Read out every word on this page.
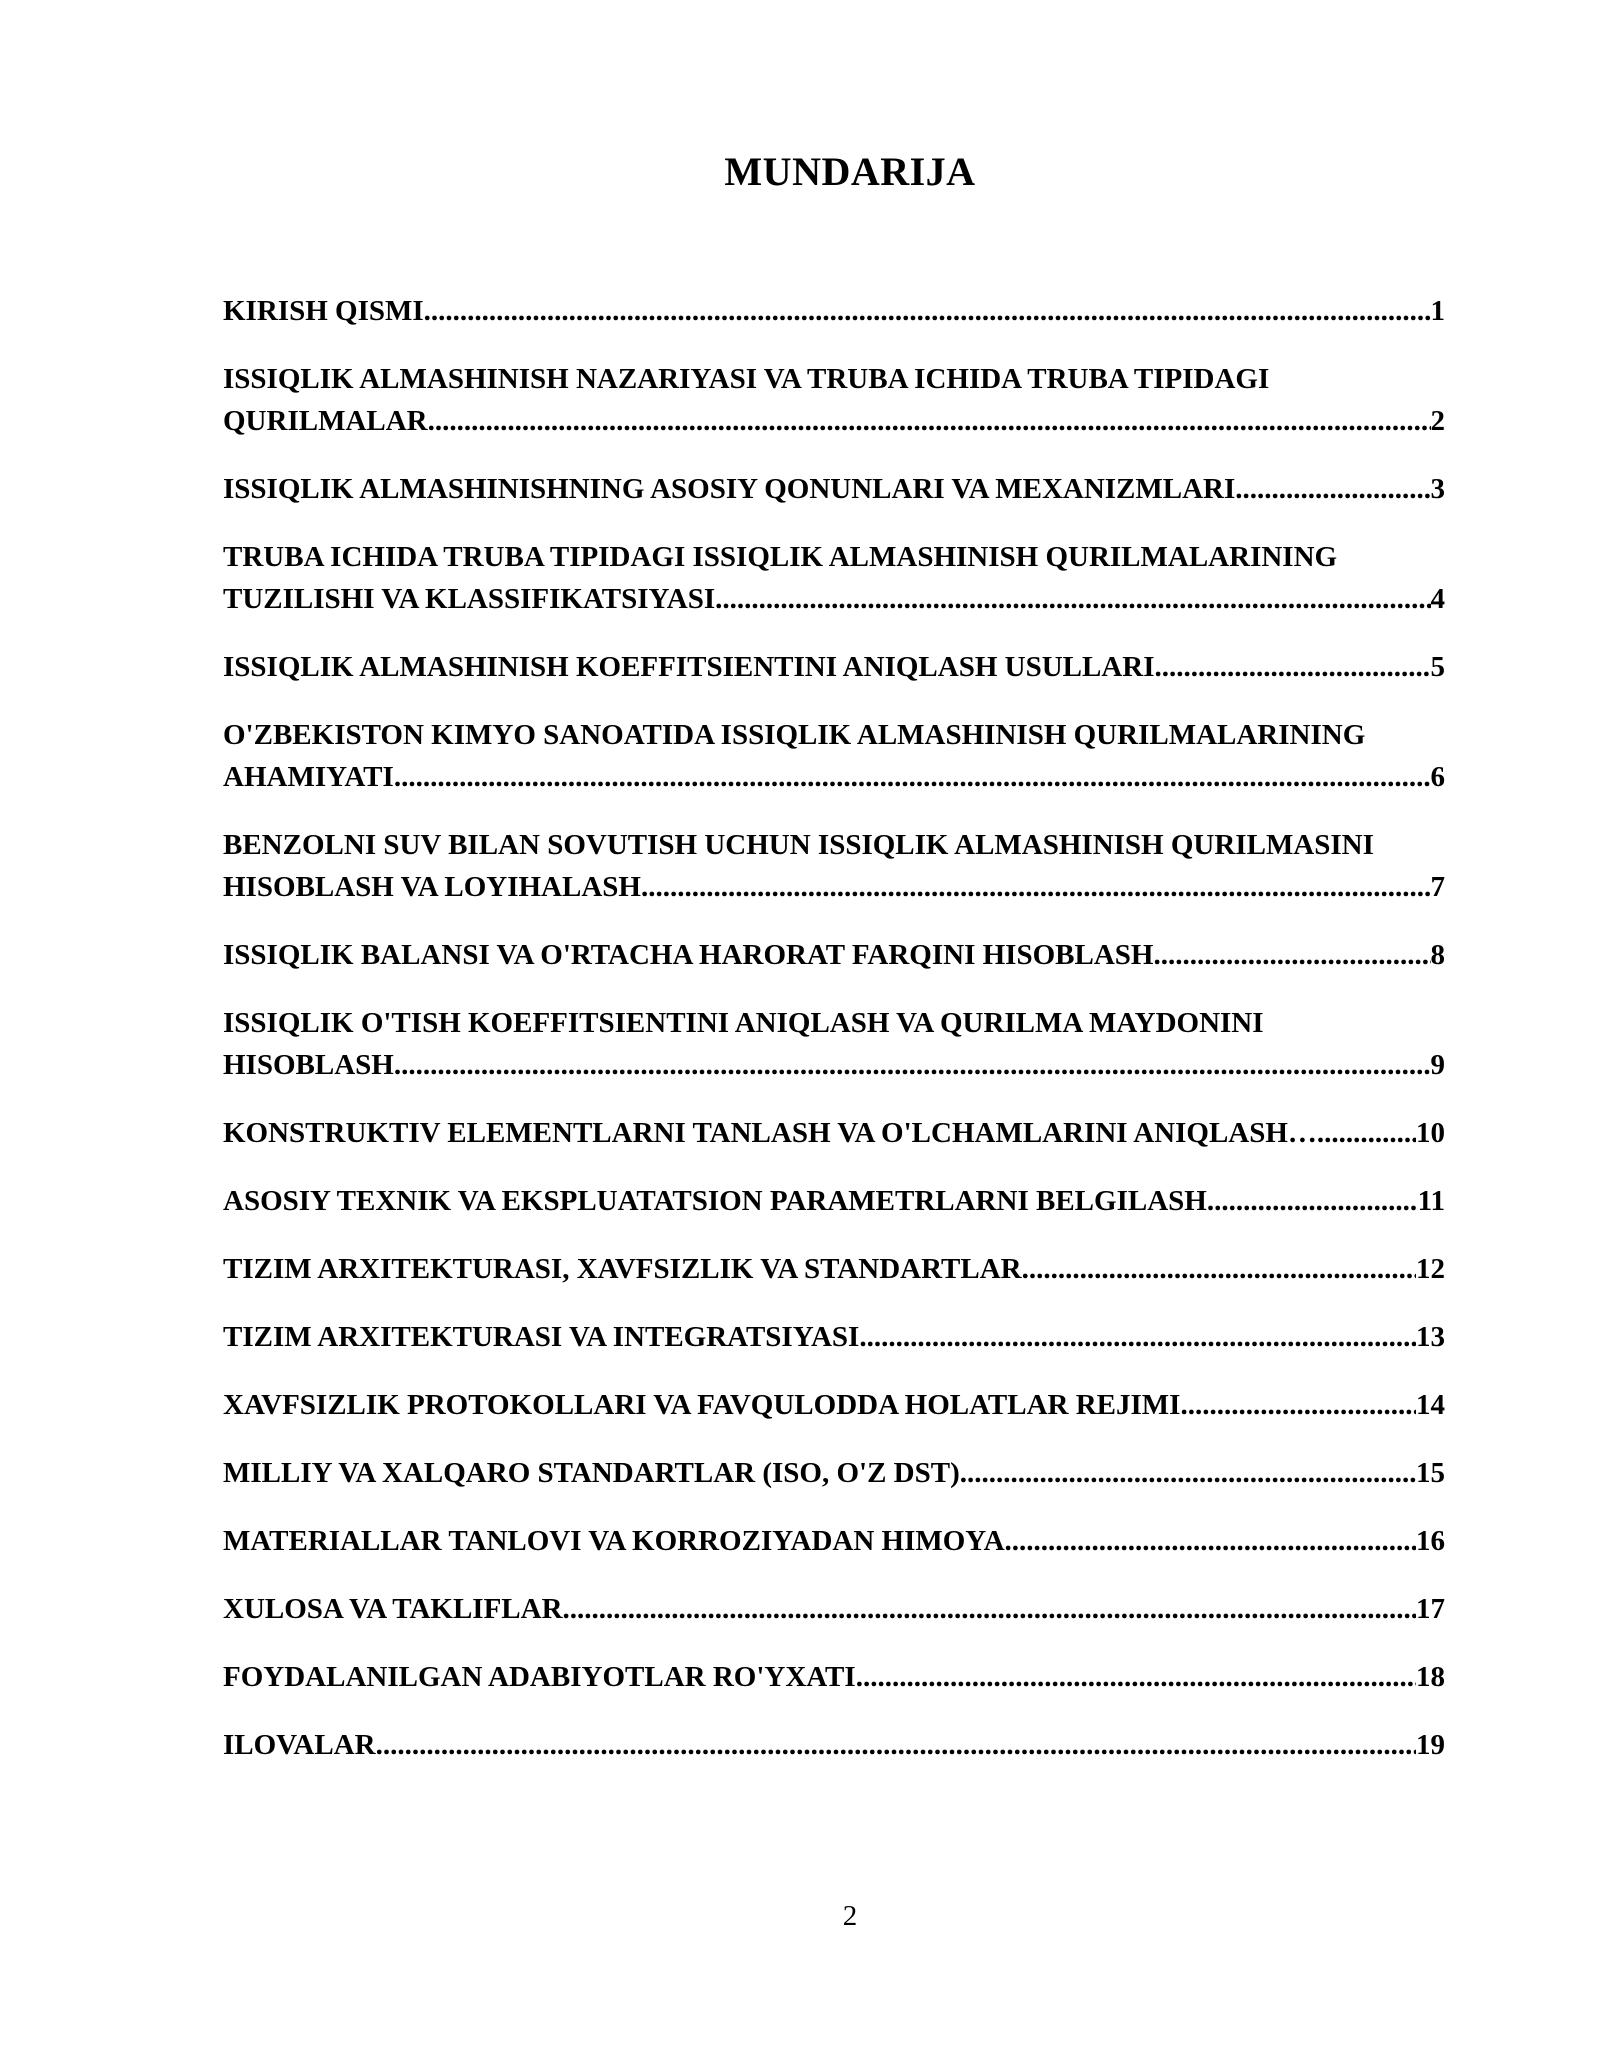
MUNDARIJA
KIRISH QISMI .....	1
ISSIQLIK ALMASHINISH NAZARIYASI VA TRUBA ICHIDA TRUBA TIPIDAGI
QURILMALAR .....	2
ISSIQLIK ALMASHINISHNING ASOSIY QONUNLARI VA MEXANIZMLARI .....	3
TRUBA ICHIDA TRUBA TIPIDAGI ISSIQLIK ALMASHINISH QURILMALARINING
TUZILISHI VA KLASSIFIKATSIYASI .....	4
ISSIQLIK ALMASHINISH KOEFFITSIENTINI ANIQLASH USULLARI .....	5
O'ZBEKISTON KIMYO SANOATIDA ISSIQLIK ALMASHINISH QURILMALARINING
AHAMIYATI .....	6
BENZOLNI SUV BILAN SOVUTISH UCHUN ISSIQLIK ALMASHINISH QURILMASINI
HISOBLASH VA LOYIHALASH .....	7
ISSIQLIK BALANSI VA O'RTACHA HARORAT FARQINI HISOBLASH .....	8
ISSIQLIK O'TISH KOEFFITSIENTINI ANIQLASH VA QURILMA MAYDONINI
HISOBLASH .....	9
KONSTRUKTIV ELEMENTLARNI TANLASH VA O'LCHAMLARINI ANIQLASH… .....	10
ASOSIY TEXNIK VA EKSPLUATATSION PARAMETRLARNI BELGILASH .....	11
TIZIM ARXITEKTURASI, XAVFSIZLIK VA STANDARTLAR .....	12
TIZIM ARXITEKTURASI VA INTEGRATSIYASI .....	13
XAVFSIZLIK PROTOKOLLARI VA FAVQULODDA HOLATLAR REJIMI .....	14
MILLIY VA XALQARO STANDARTLAR (ISO, O'Z DST) .....	15
MATERIALLAR TANLOVI VA KORROZIYADAN HIMOYA .....	16
XULOSA VA TAKLIFLAR .....	17
FOYDALANILGAN ADABIYOTLAR RO'YXATI .....	18
ILOVALAR .....	19
2
